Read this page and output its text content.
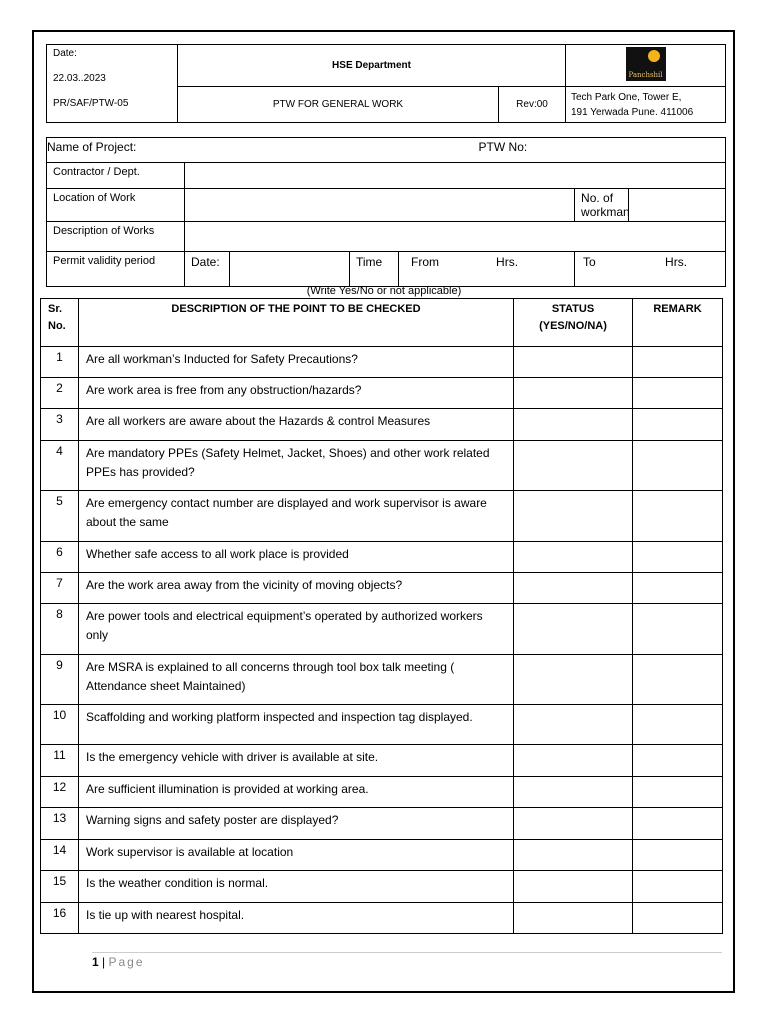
Date:
22.03..2023
PR/SAF/PTW-05	HSE Department		Panchshil

	PTW FOR GENERAL WORK	Rev:00	Tech Park One, Tower E,
191 Yerwada Pune. 411006
Name of Project:					PTW No:		
Contractor / Dept.							
Location of Work						No. of workman	
Description of Works							
Permit validity period	Date:		Time	From Hrs.		To Hrs.	
(Write Yes/No or not applicable)
Sr. No.	DESCRIPTION OF THE POINT TO BE CHECKED	STATUS (YES/NO/NA)	REMARK
1	Are all workman’s Inducted for Safety Precautions?		
2	Are work area is free from any obstruction/hazards?		
3	Are all workers are aware about the Hazards & control Measures		
4	Are mandatory PPEs (Safety Helmet, Jacket, Shoes) and other work related PPEs has provided?		
5	Are emergency contact number are displayed and work supervisor is aware about the same		
6	Whether safe access to all work place is provided		
7	Are the work area away from the vicinity of moving objects?		
8	Are power tools and electrical equipment’s operated by authorized workers only		
9	Are MSRA is explained to all concerns through tool box talk meeting ( Attendance sheet Maintained)		
10	Scaffolding and working platform inspected and inspection tag displayed.		
11	Is the emergency vehicle with driver is available at site.		
12	Are sufficient illumination is provided at working area.		
13	Warning signs and safety poster are displayed?		
14	Work supervisor is available at location		
15	Is the weather condition is normal.		
16	Is tie up with nearest hospital.		
1 | Page
